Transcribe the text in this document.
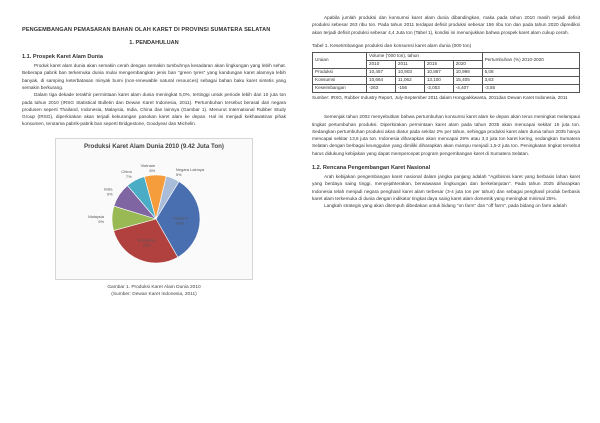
PENGEMBANGAN PEMASARAN BAHAN OLAH KARET DI PROVINSI SUMATERA SELATAN
1. PENDAHULUAN
1.1. Prospek Karet Alam Dunia

Produk karet alam dunia akan semakin cerah dengan semakin tumbuhnya kesadaran akan lingkungan yang lebih sehat. Beberapa pabrik ban terkemuka dunia mulai mengembangkan jenis ban "green tyres" yang kandungan karet alamnya lebih banyak, di samping keterbatasan minyak bumi (non-renewable natural resources) sebagai bahan baku karet sintetis yang semakin berkurang.

Dalam tiga dekade terakhir permintaan karet alam dunia meningkat 5,0%, tertinggi untuk periode lebih dari 10 juta ton pada tahun 2010 (IRSG Statistical Bulletin dan Dewan Karet Indonesia, 2011). Pertumbuhan tersebut berasal dari negara produsen seperti Thailand, Indonesia, Malaysia, India, China dan lainnya (Gambar 1). Menurut International Rubber Study Group (IRSG), diperkirakan akan terjadi kekurangan pasokan karet alam ke depan. Hal ini menjadi kekhawatiran pihak konsumen, terutama pabrik-pabrik ban seperti Bridgestone, Goodyear dan Michelin.

Produksi Karet Alam Dunia 2010 (9.42 Juta Ton)
Thailand
33%
Indonesia
29%
Malaysia
9%
India
9%
China
7%
Vietnam
8%	Negara Lainnya
5%
Gambar 1. Produksi Karet Alam Dunia 2010
(Sumber: Dewan Karet Indonesia, 2011)

Apabila jumlah produksi dan konsumsi karet alam dunia dibandingkan, maka pada tahun 2010 masih terjadi defisit produksi sebesar 263 ribu ton. Pada tahun 2011 terdapat defisit produksi sebesar 156 ribu ton dan pada tahun 2020 diprediksi akan terjadi defisit produksi sebesar 4,4 Juta ton (Tabel 1), kondisi ini menunjukkan bahwa prospek karet alam cukup cerah.

Tabel 1. Kesetimbangan produksi dan konsumsi karet alam dunia (000 ton)
Uraian	Volume ('000 ton), tahun				Pertumbuhan (%) 2010-2020
	2010	2011	2015	2020	
Produksi	10,457	10,903	10,867	10,998	5,08
Konsumsi	10,664	11,062	13,100	15,405	3,63
Keseimbangan	-263	-156	-2,053	-4,407	-3,55
Sumber: IRSG, Rubber Industry Report, July-September 2011 dalam Hongpakkwanta, 2011dan Dewan Karet Indonesia, 2011

Semenjak tahun 2002 menyebutkan bahwa pertumbuhan konsumsi karet alam ke depan akan terus meningkat melampaui tingkat pertumbuhan produksi. Diperkirakan permintaan karet alam pada tahun 2035 akan mencapai sekitar 15 juta ton. Sedangkan pertumbuhan produksi akan diatur pada sekitar 2% per tahun, sehingga produksi karet alam dunia tahun 2035 hanya mencapai sekitar 13,6 juta ton. Indonesia diharapkan akan mencapai 29% atau 3,3 juta ton karet kering, sedangkan Sumatera Selatan dengan berbagai keunggulan yang dimiliki diharapkan akan mampu menjadi 1,5-2 juta ton. Peningkatan tingkat tersebut harus didukung kebijakan yang dapat mempercepat program pengembangan karet di Sumatera Selatan.

1.2. Rencana Pengembangan Karet Nasional

Arah kebijakan pengembangan karet nasional dalam jangka panjang adalah "Agribisnis karet yang berbasis lahan karet yang berdaya saing tinggi, menyejahterakan, berwawasan lingkungan dan berkelanjutan". Pada tahun 2025 diharapkan Indonesia telah menjadi negara penghasil karet alam terbesar (3-4 juta ton per tahun) dan sebagai penghasil produk berbasis karet alam terkemuka di dunia dengan indikator tingkat daya saing karet alam domestik yang meningkat minimal 25%.

Langkah strategis yang akan ditempuh dibedakan untuk bidang "on farm" dan "off farm", pada bidang on farm adalah
